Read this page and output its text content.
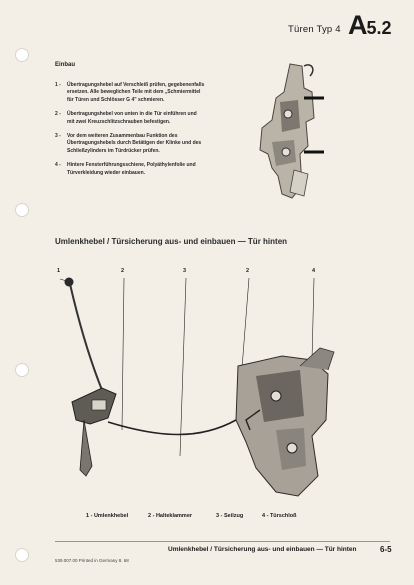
Türen Typ 4 A5.2
Einbau
1 -	Übertragungshebel auf Verschleiß prüfen, gegebenenfalls ersetzen. Alle beweglichen Teile mit dem „Schmiermittel für Türen und Schlösser G 4" schmieren.
2 -	Übertragungshebel von unten in die Tür einführen und mit zwei Kreuzschlitzschrauben befestigen.
3 -	Vor dem weiteren Zusammenbau Funktion des Übertragungshebels durch Betätigen der Klinke und des Schließzylinders im Türdrücker prüfen.
4 -	Hintere Fensterführungsschiene, Polyäthylenfolie und Türverkleidung wieder einbauen.
Umlenkhebel / Türsicherung aus- und einbauen — Tür hinten
1	2	3	2	4
1 - Umlenkhebel	2 - Halteklammer	3 - Seilzug	4 - Türschloß
Umlenkhebel / Türsicherung aus- und einbauen — Tür hinten	6-5
539.007.00 Printed in Germany 8. 68
